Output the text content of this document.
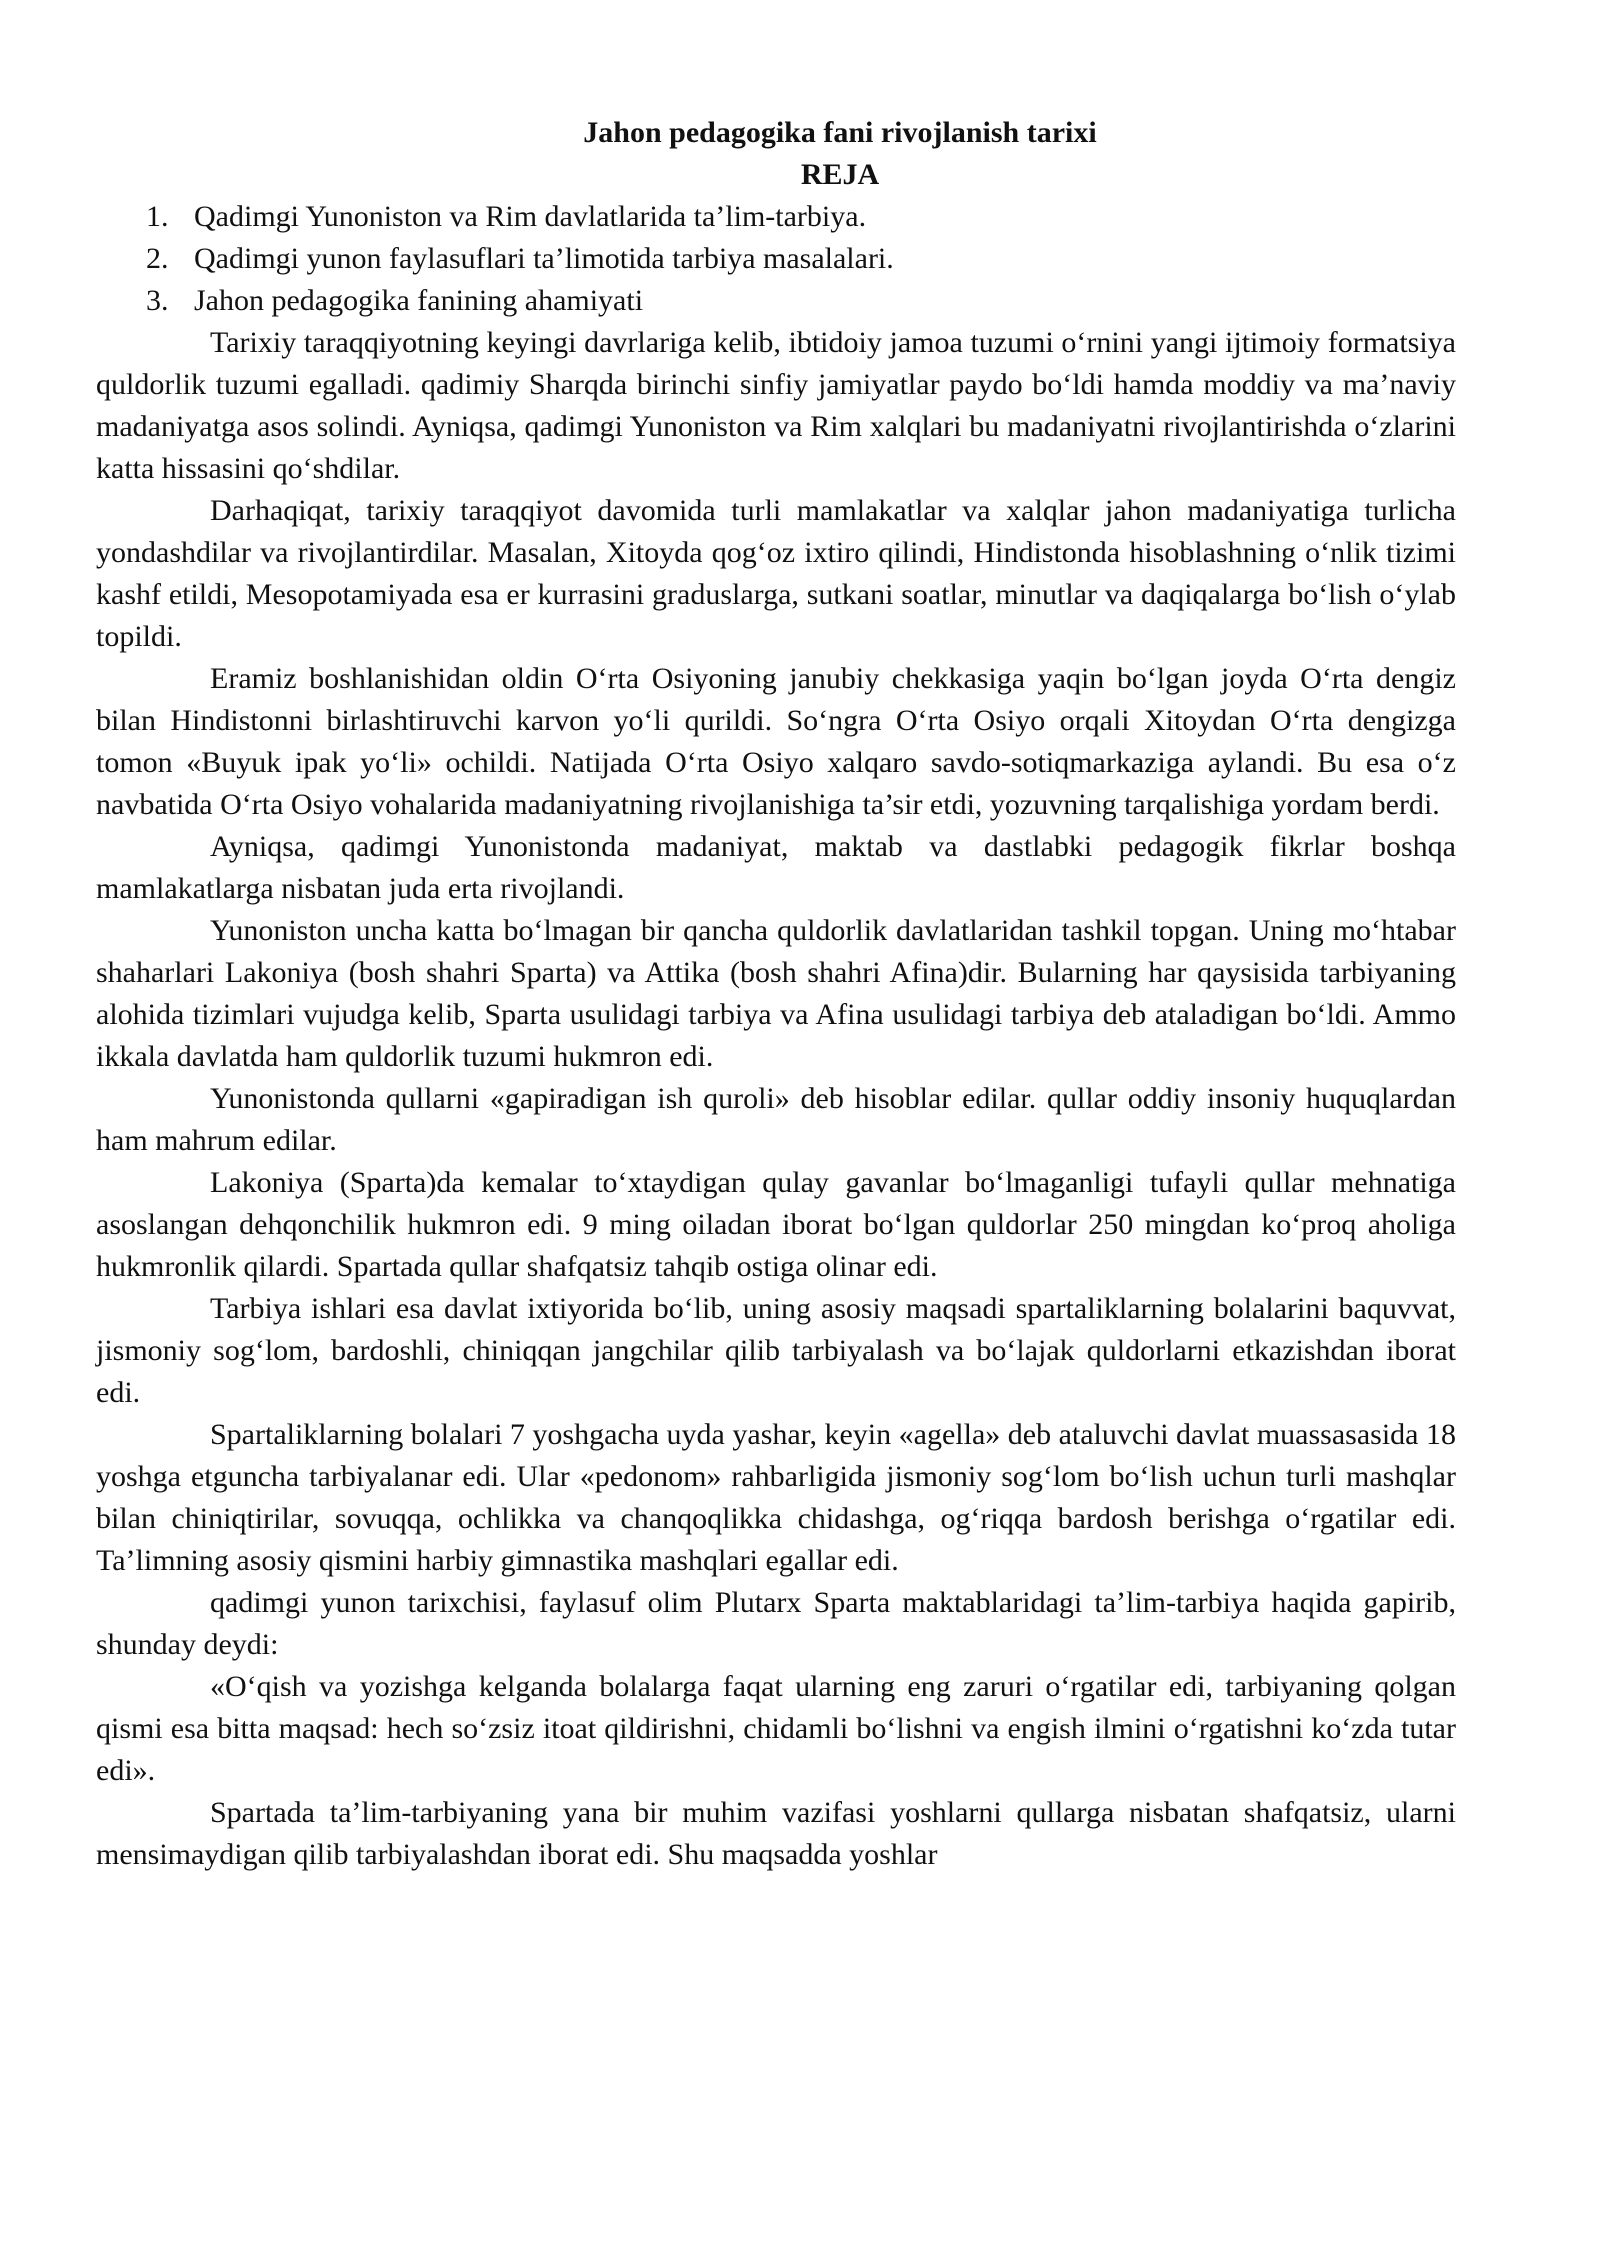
Jahon pedagogika fani rivojlanish tarixi
REJA
1. Qadimgi Yunoniston va Rim davlatlarida ta’lim-tarbiya.
2. Qadimgi yunon faylasuflari ta’limotida tarbiya masalalari.
3. Jahon pedagogika fanining ahamiyati

Tarixiy taraqqiyotning keyingi davrlariga kelib, ibtidoiy jamoa tuzumi o‘rnini yangi ijtimoiy formatsiya quldorlik tuzumi egalladi. qadimiy Sharqda birinchi sinfiy jamiyatlar paydo bo‘ldi hamda moddiy va ma’naviy madaniyatga asos solindi. Ayniqsa, qadimgi Yunoniston va Rim xalqlari bu madaniyatni rivojlantirishda o‘zlarini katta hissasini qo‘shdilar.

Darhaqiqat, tarixiy taraqqiyot davomida turli mamlakatlar va xalqlar jahon madaniyatiga turlicha yondashdilar va rivojlantirdilar. Masalan, Xitoyda qog‘oz ixtiro qilindi, Hindistonda hisoblashning o‘nlik tizimi kashf etildi, Mesopotamiyada esa er kurrasini graduslarga, sutkani soatlar, minutlar va daqiqalarga bo‘lish o‘ylab topildi.

Eramiz boshlanishidan oldin O‘rta Osiyoning janubiy chekkasiga yaqin bo‘lgan joyda O‘rta dengiz bilan Hindistonni birlashtiruvchi karvon yo‘li qurildi. So‘ngra O‘rta Osiyo orqali Xitoydan O‘rta dengizga tomon «Buyuk ipak yo‘li» ochildi. Natijada O‘rta Osiyo xalqaro savdo-sotiqmarkaziga aylandi. Bu esa o‘z navbatida O‘rta Osiyo vohalarida madaniyatning rivojlanishiga ta’sir etdi, yozuvning tarqalishiga yordam berdi.

Ayniqsa, qadimgi Yunonistonda madaniyat, maktab va dastlabki pedagogik fikrlar boshqa mamlakatlarga nisbatan juda erta rivojlandi.

Yunoniston uncha katta bo‘lmagan bir qancha quldorlik davlatlaridan tashkil topgan. Uning mo‘htabar shaharlari Lakoniya (bosh shahri Sparta) va Attika (bosh shahri Afina)dir. Bularning har qaysisida tarbiyaning alohida tizimlari vujudga kelib, Sparta usulidagi tarbiya va Afina usulidagi tarbiya deb ataladigan bo‘ldi. Ammo ikkala davlatda ham quldorlik tuzumi hukmron edi.

Yunonistonda qullarni «gapiradigan ish quroli» deb hisoblar edilar. qullar oddiy insoniy huquqlardan ham mahrum edilar.

Lakoniya (Sparta)da kemalar to‘xtaydigan qulay gavanlar bo‘lmaganligi tufayli qullar mehnatiga asoslangan dehqonchilik hukmron edi. 9 ming oiladan iborat bo‘lgan quldorlar 250 mingdan ko‘proq aholiga hukmronlik qilardi. Spartada qullar shafqatsiz tahqib ostiga olinar edi.

Tarbiya ishlari esa davlat ixtiyorida bo‘lib, uning asosiy maqsadi spartaliklarning bolalarini baquvvat, jismoniy sog‘lom, bardoshli, chiniqqan jangchilar qilib tarbiyalash va bo‘lajak quldorlarni etkazishdan iborat edi.

Spartaliklarning bolalari 7 yoshgacha uyda yashar, keyin «agella» deb ataluvchi davlat muassasasida 18 yoshga etguncha tarbiyalanar edi. Ular «pedonom» rahbarligida jismoniy sog‘lom bo‘lish uchun turli mashqlar bilan chiniqtirilar, sovuqqa, ochlikka va chanqoqlikka chidashga, og‘riqqa bardosh berishga o‘rgatilar edi. Ta’limning asosiy qismini harbiy gimnastika mashqlari egallar edi.

qadimgi yunon tarixchisi, faylasuf olim Plutarx Sparta maktablaridagi ta’lim-tarbiya haqida gapirib, shunday deydi:

«O‘qish va yozishga kelganda bolalarga faqat ularning eng zaruri o‘rgatilar edi, tarbiyaning qolgan qismi esa bitta maqsad: hech so‘zsiz itoat qildirishni, chidamli bo‘lishni va engish ilmini o‘rgatishni ko‘zda tutar edi».

Spartada ta’lim-tarbiyaning yana bir muhim vazifasi yoshlarni qullarga nisbatan shafqatsiz, ularni mensimaydigan qilib tarbiyalashdan iborat edi. Shu maqsadda yoshlar
